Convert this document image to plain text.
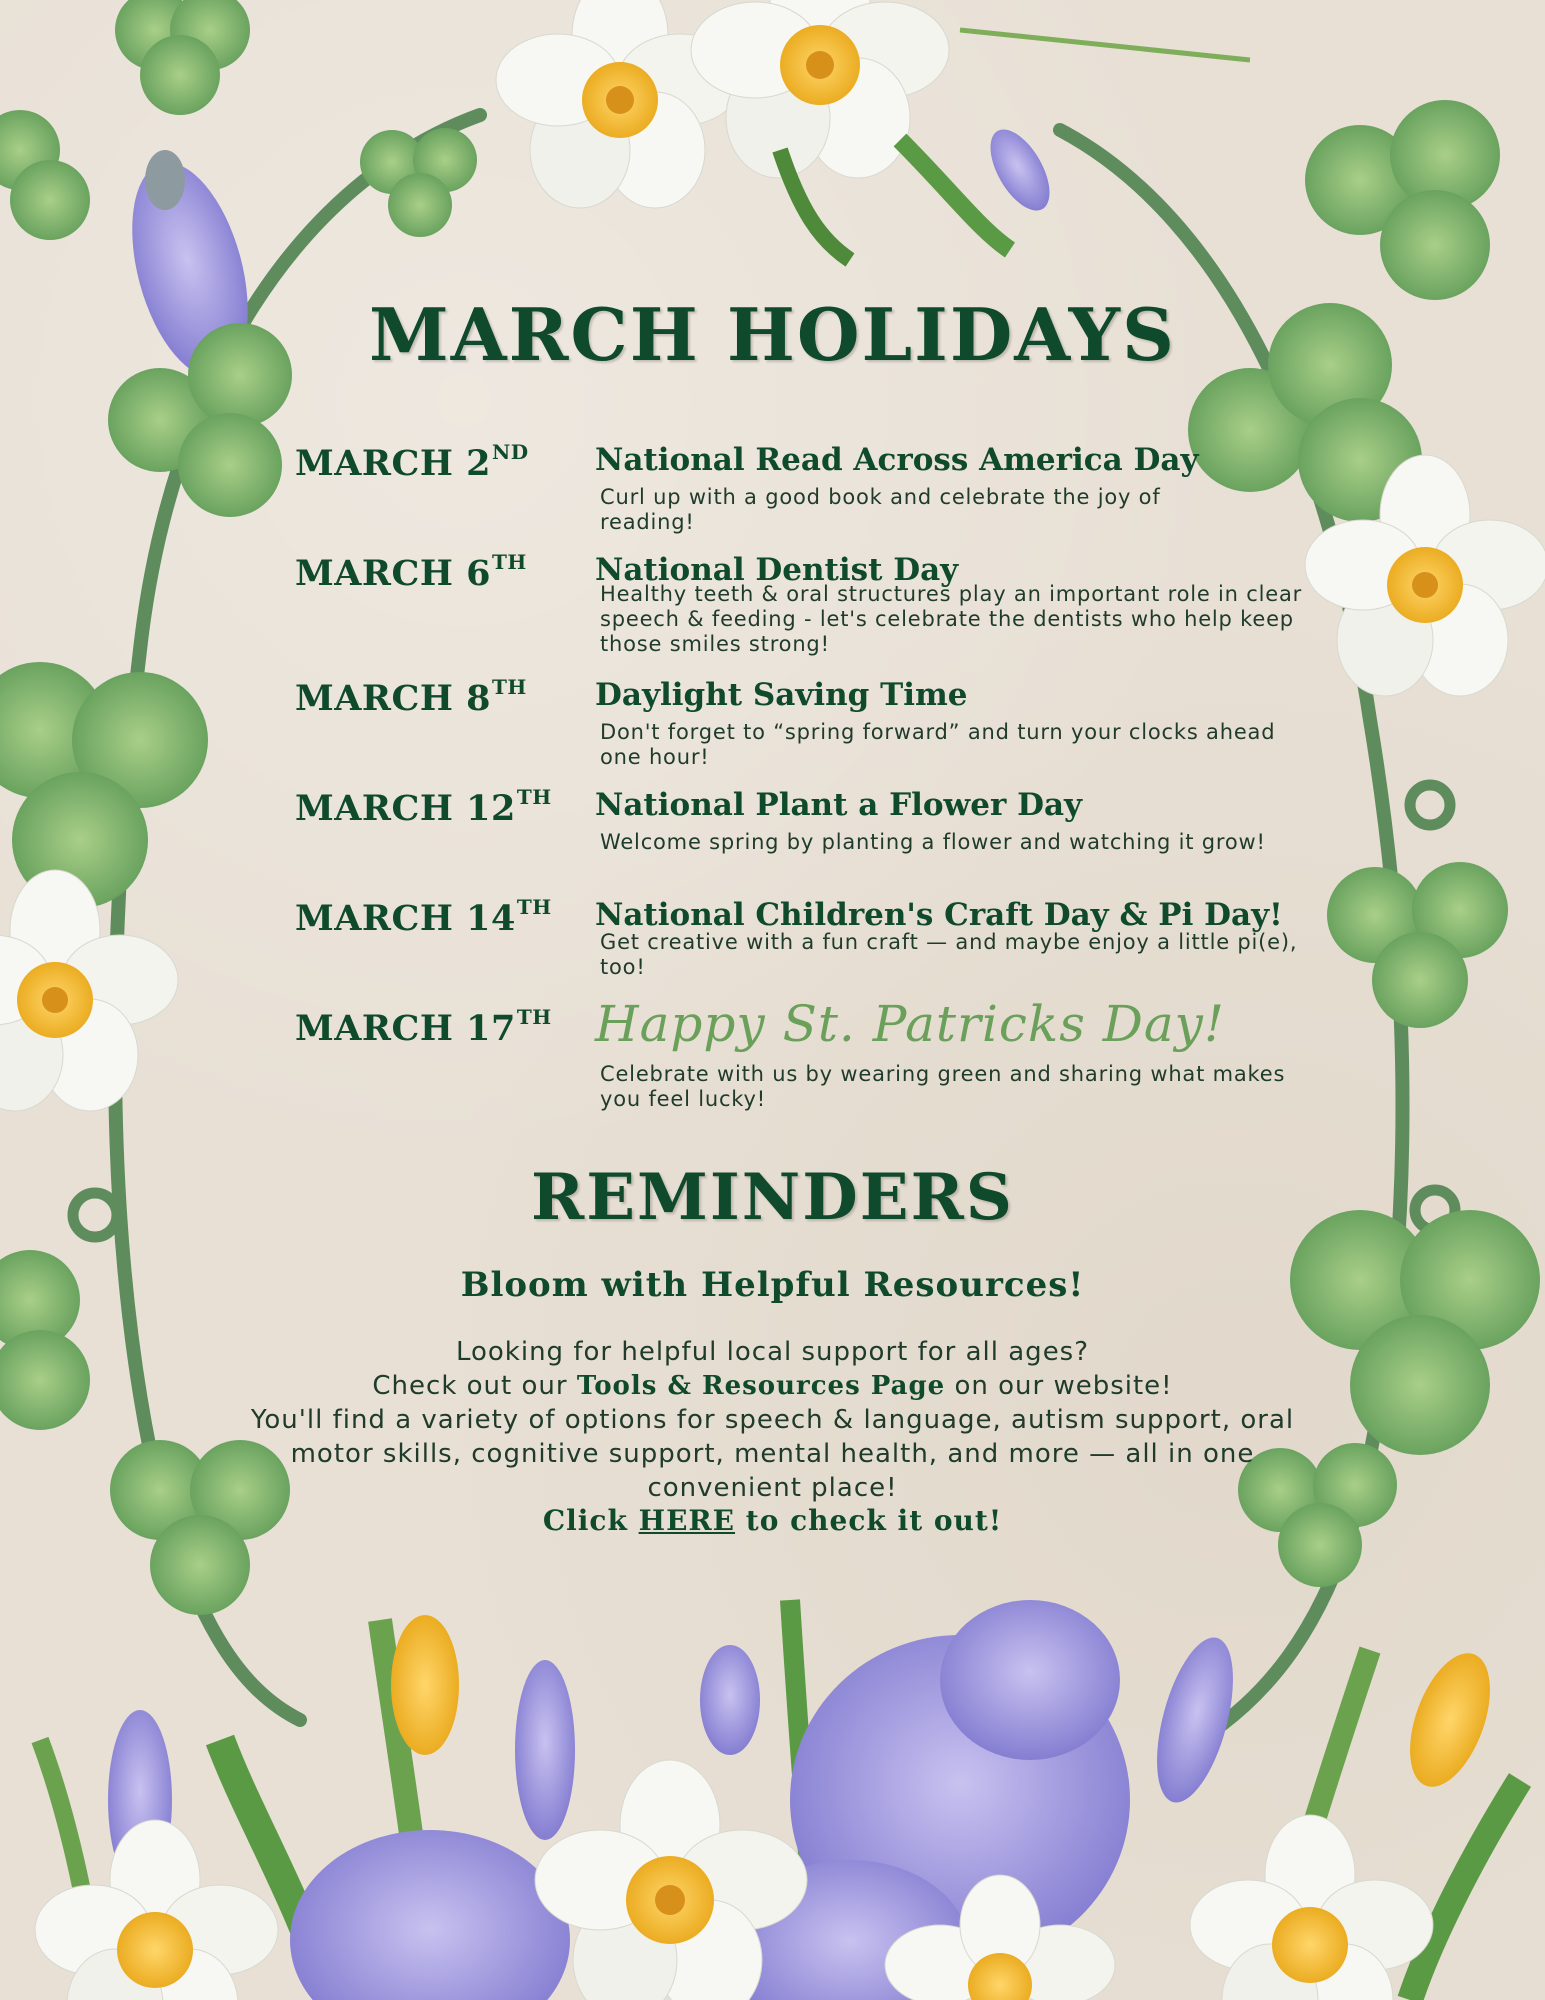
MARCH HOLIDAYS
MARCH 2ND	National Read Across America Day
Curl up with a good book and celebrate the joy of reading!
MARCH 6TH	National Dentist Day
Healthy teeth & oral structures play an important role in clear speech & feeding - let's celebrate the dentists who help keep those smiles strong!
MARCH 8TH	Daylight Saving Time
Don't forget to “spring forward” and turn your clocks ahead one hour!
MARCH 12TH	National Plant a Flower Day
Welcome spring by planting a flower and watching it grow!
MARCH 14TH	National Children's Craft Day & Pi Day!
Get creative with a fun craft — and maybe enjoy a little pi(e), too!
MARCH 17TH Happy St. Patricks Day!
Celebrate with us by wearing green and sharing what makes you feel lucky!
REMINDERS
Bloom with Helpful Resources!
Looking for helpful local support for all ages?
Check out our Tools & Resources Page on our website!
You'll find a variety of options for speech & language, autism support, oral motor skills, cognitive support, mental health, and more — all in one convenient place!
Click HERE to check it out!
